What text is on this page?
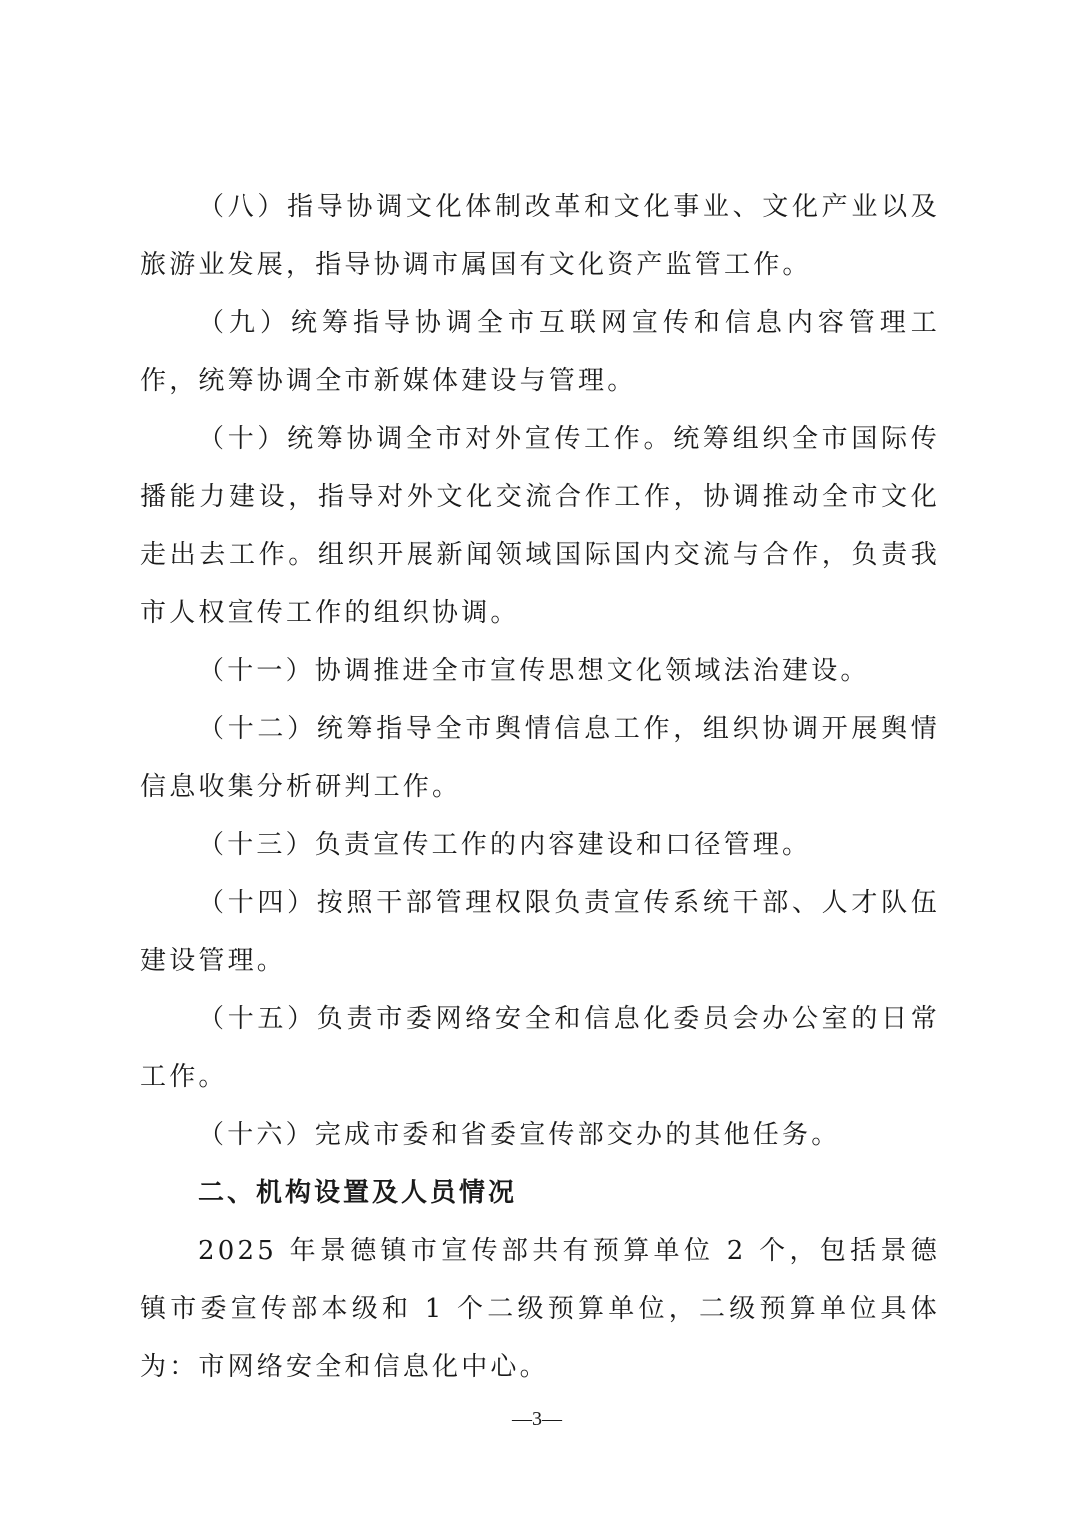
（八）指导协调文化体制改革和文化事业、文化产业以及旅游业发展，指导协调市属国有文化资产监管工作。

（九）统筹指导协调全市互联网宣传和信息内容管理工作，统筹协调全市新媒体建设与管理。

（十）统筹协调全市对外宣传工作。统筹组织全市国际传播能力建设，指导对外文化交流合作工作，协调推动全市文化走出去工作。组织开展新闻领域国际国内交流与合作，负责我市人权宣传工作的组织协调。

（十一）协调推进全市宣传思想文化领域法治建设。

（十二）统筹指导全市舆情信息工作，组织协调开展舆情信息收集分析研判工作。

（十三）负责宣传工作的内容建设和口径管理。

（十四）按照干部管理权限负责宣传系统干部、人才队伍建设管理。

（十五）负责市委网络安全和信息化委员会办公室的日常工作。

（十六）完成市委和省委宣传部交办的其他任务。

二、机构设置及人员情况

2025 年景德镇市宣传部共有预算单位 2 个，包括景德镇市委宣传部本级和 1 个二级预算单位，二级预算单位具体为：市网络安全和信息化中心。

—3—
